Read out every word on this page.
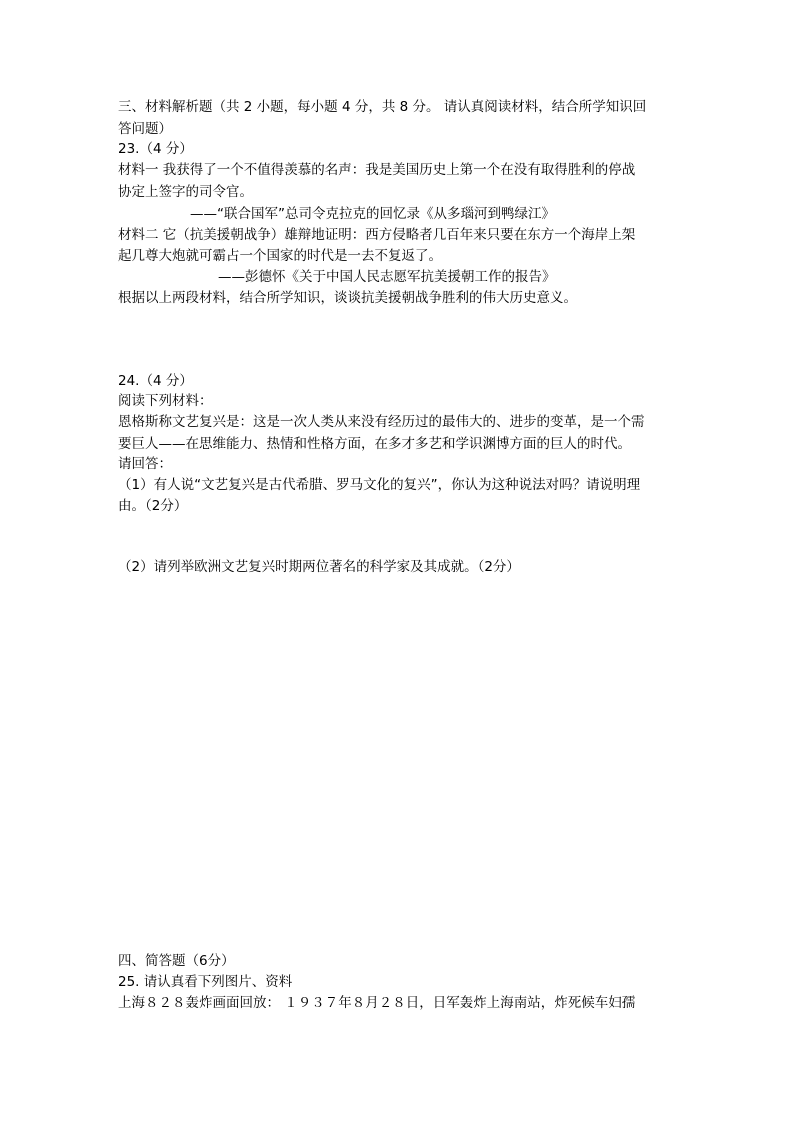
三、材料解析题（共 2 小题，每小题 4 分，共 8 分。 请认真阅读材料，结合所学知识回
答问题）
23.（4 分）
材料一 我获得了一个不值得羡慕的名声：我是美国历史上第一个在没有取得胜利的停战
协定上签字的司令官。
——“联合国军”总司令克拉克的回忆录《从多瑙河到鸭绿江》
材料二 它（抗美援朝战争）雄辩地证明：西方侵略者几百年来只要在东方一个海岸上架
起几尊大炮就可霸占一个国家的时代是一去不复返了。
——彭德怀《关于中国人民志愿军抗美援朝工作的报告》
根据以上两段材料，结合所学知识，谈谈抗美援朝战争胜利的伟大历史意义。
24.（4 分）
阅读下列材料：
恩格斯称文艺复兴是：这是一次人类从来没有经历过的最伟大的、进步的变革，是一个需
要巨人——在思维能力、热情和性格方面，在多才多艺和学识渊博方面的巨人的时代。
请回答：
（1）有人说“文艺复兴是古代希腊、罗马文化的复兴”，你认为这种说法对吗？请说明理
由。（2分）
（2）请列举欧洲文艺复兴时期两位著名的科学家及其成就。（2分）
四、简答题（6分）
25. 请认真看下列图片、资料
上海８２８轰炸画面回放： １９３７年８月２８日，日军轰炸上海南站，炸死候车妇孺
